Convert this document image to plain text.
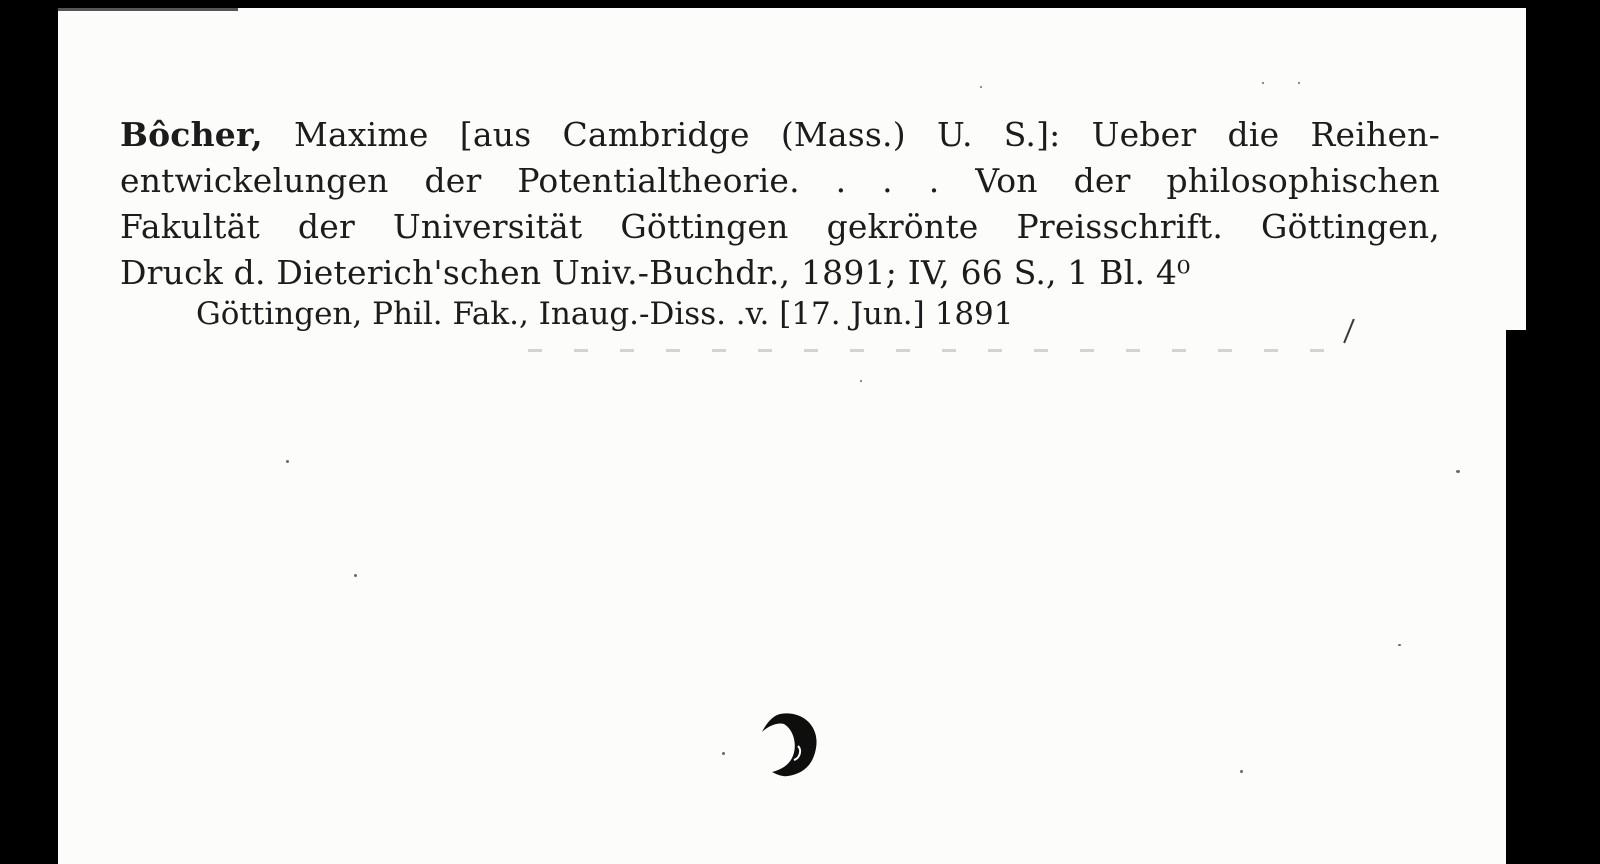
Bôcher, Maxime [aus Cambridge (Mass.) U. S.]: Ueber die Reihen-
entwickelungen der Potentialtheorie. . . . Von der philosophischen
Fakultät der Universität Göttingen gekrönte Preisschrift. Göttingen,
Druck d. Dieterich'schen Univ.-Buchdr., 1891; IV, 66 S., 1 Bl. 4⁰
Göttingen, Phil. Fak., Inaug.-Diss. .v. [17. Jun.] 1891
